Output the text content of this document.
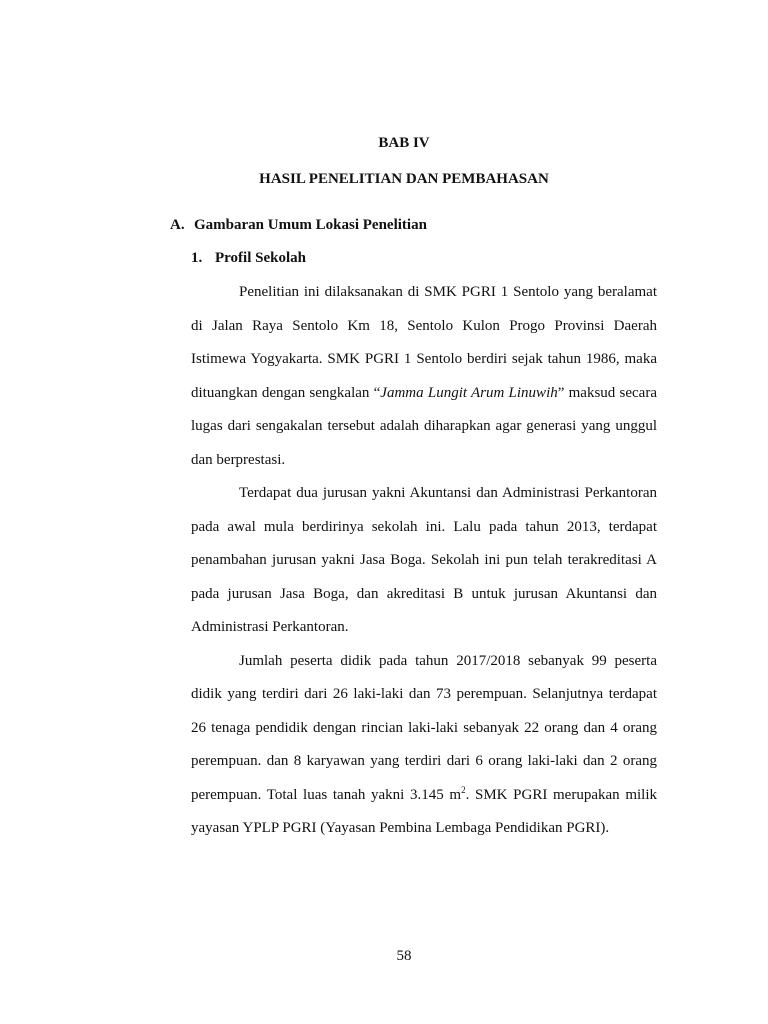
BAB IV
HASIL PENELITIAN DAN PEMBAHASAN
A. Gambaran Umum Lokasi Penelitian
1. Profil Sekolah

Penelitian ini dilaksanakan di SMK PGRI 1 Sentolo yang beralamat di Jalan Raya Sentolo Km 18, Sentolo Kulon Progo Provinsi Daerah Istimewa Yogyakarta. SMK PGRI 1 Sentolo berdiri sejak tahun 1986, maka dituangkan dengan sengkalan “Jamma Lungit Arum Linuwih” maksud secara lugas dari sengakalan tersebut adalah diharapkan agar generasi yang unggul dan berprestasi.

Terdapat dua jurusan yakni Akuntansi dan Administrasi Perkantoran pada awal mula berdirinya sekolah ini. Lalu pada tahun 2013, terdapat penambahan jurusan yakni Jasa Boga. Sekolah ini pun telah terakreditasi A pada jurusan Jasa Boga, dan akreditasi B untuk jurusan Akuntansi dan Administrasi Perkantoran.

Jumlah peserta didik pada tahun 2017/2018 sebanyak 99 peserta didik yang terdiri dari 26 laki-laki dan 73 perempuan. Selanjutnya terdapat 26 tenaga pendidik dengan rincian laki-laki sebanyak 22 orang dan 4 orang perempuan. dan 8 karyawan yang terdiri dari 6 orang laki-laki dan 2 orang perempuan. Total luas tanah yakni 3.145 $m^2$. SMK PGRI merupakan milik yayasan YPLP PGRI (Yayasan Pembina Lembaga Pendidikan PGRI).

58
